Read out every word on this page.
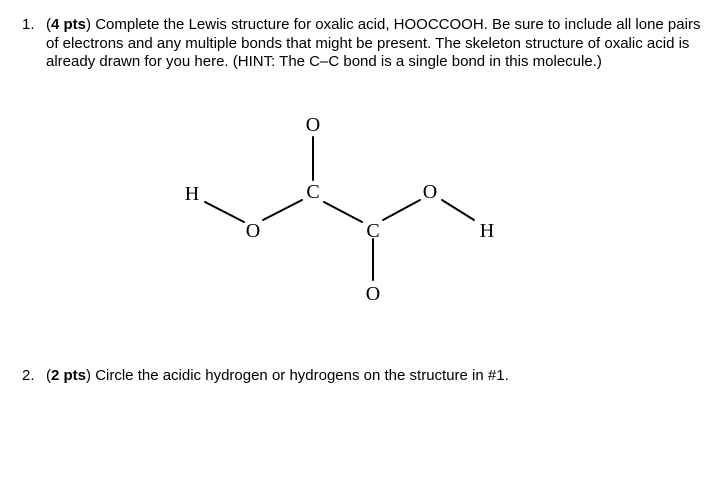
1. (4 pts) Complete the Lewis structure for oxalic acid, HOOCCOOH. Be sure to include all lone pairs of electrons and any multiple bonds that might be present. The skeleton structure of oxalic acid is already drawn for you here. (HINT: The C–C bond is a single bond in this molecule.)
H
O
C
O
C
O
O
H
2. (2 pts) Circle the acidic hydrogen or hydrogens on the structure in #1.
